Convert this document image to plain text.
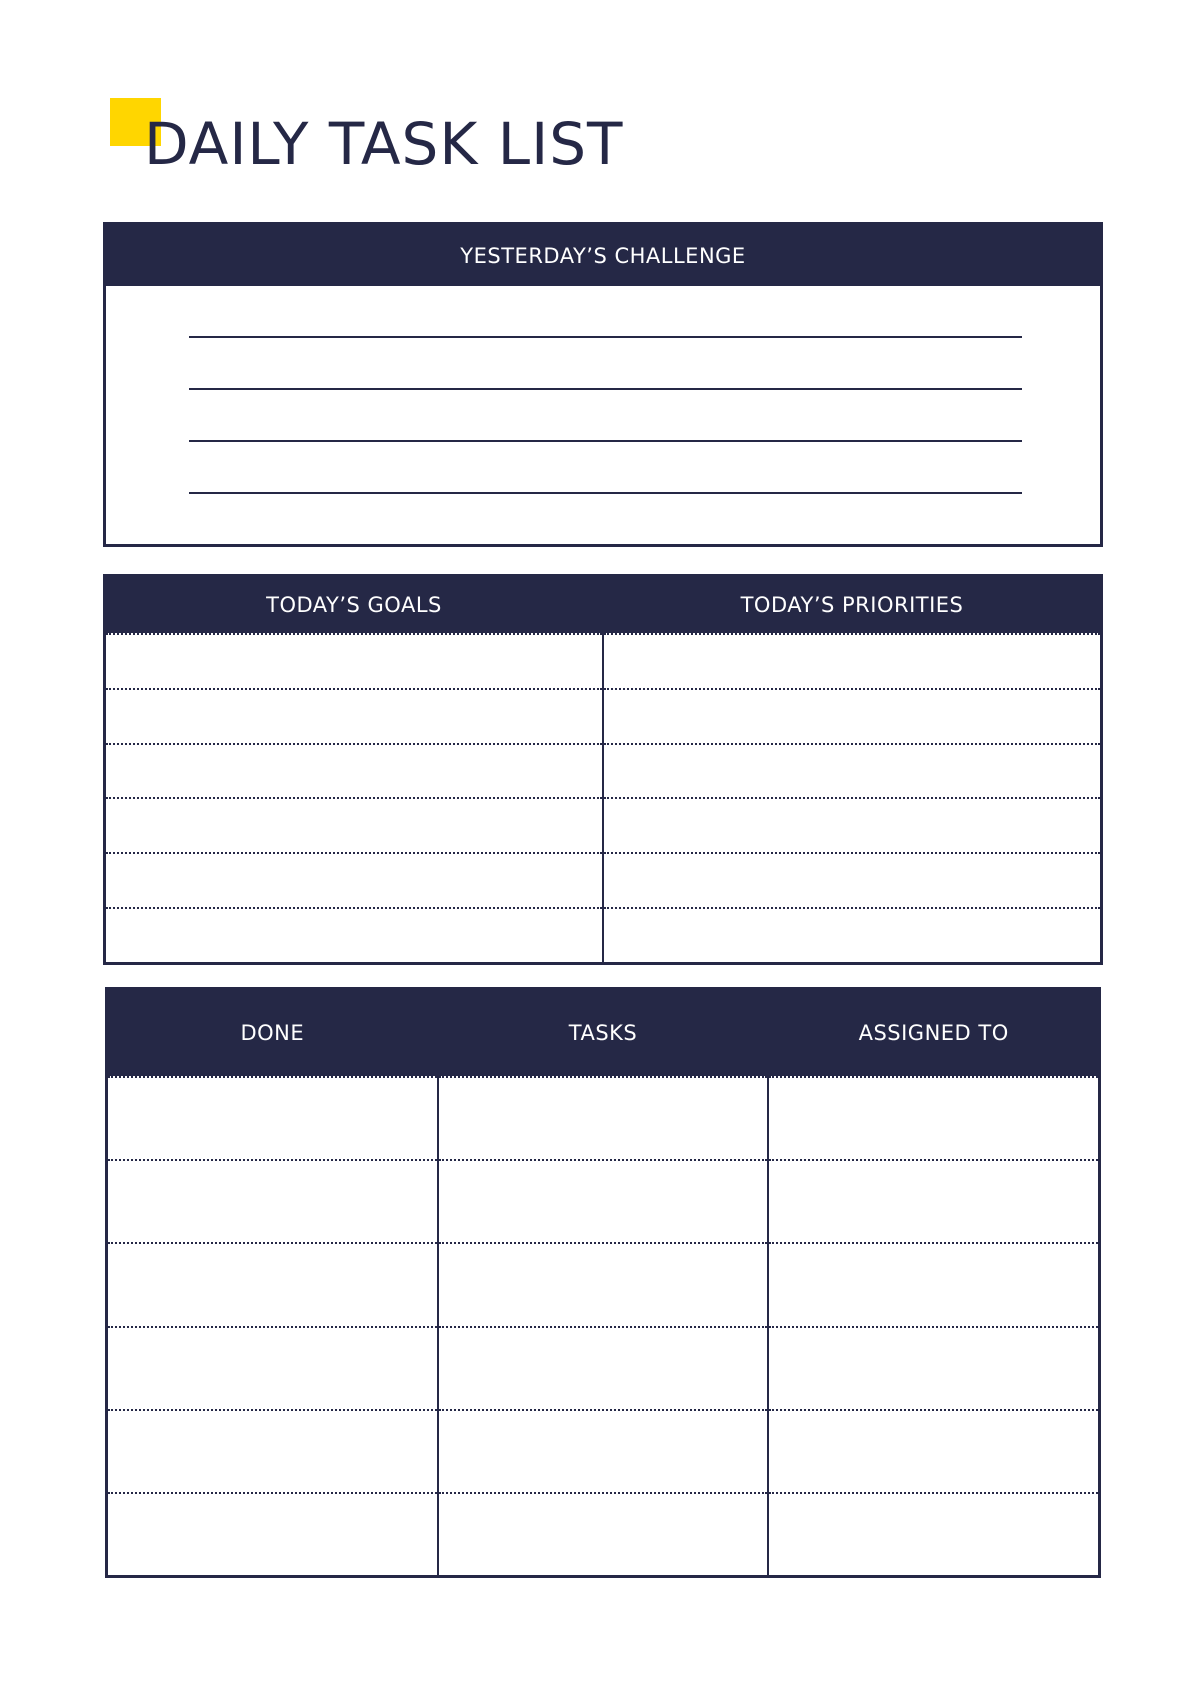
DAILY TASK LIST
YESTERDAY’S CHALLENGE
TODAY’S GOALS	TODAY’S PRIORITIES
DONE	TASKS	ASSIGNED TO
